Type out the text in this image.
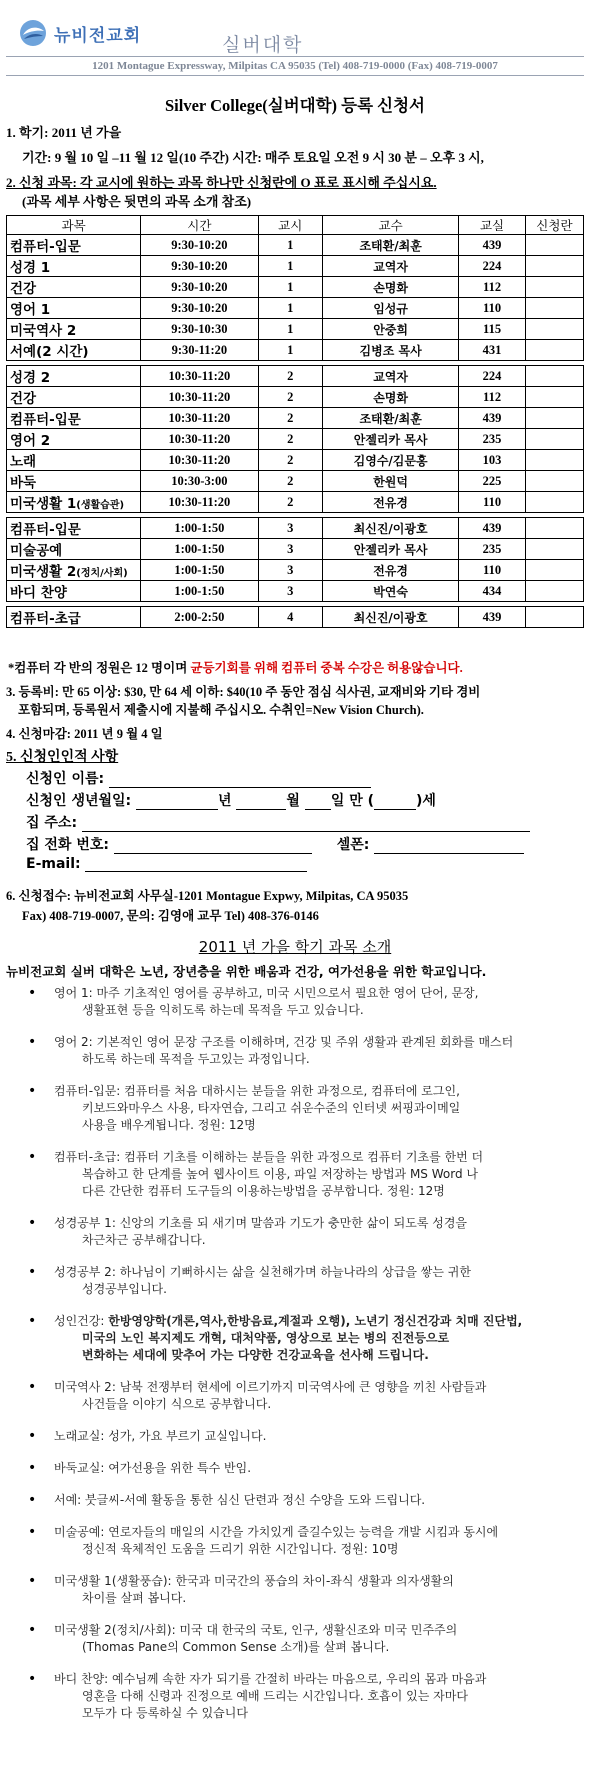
뉴비전교회	실버대학
1201 Montague Expressway, Milpitas CA 95035 (Tel) 408-719-0000 (Fax) 408-719-0007
Silver College(실버대학) 등록 신청서
1. 학기: 2011 년 가을
기간: 9 월 10 일 –11 월 12 일(10 주간) 시간: 매주 토요일 오전 9 시 30 분 – 오후 3 시,
2. 신청 과목: 각 교시에 원하는 과목 하나만 신청란에 O 표로 표시해 주십시요.
(과목 세부 사항은 뒷면의 과목 소개 참조)
과목	시간	교시	교수	교실	신청란
컴퓨터-입문	9:30-10:20	1	조태환/최훈	439	
성경 1	9:30-10:20	1	교역자	224	
건강	9:30-10:20	1	손명화	112	
영어 1	9:30-10:20	1	임성규	110	
미국역사 2	9:30-10:30	1	안중희	115	
서예(2 시간)	9:30-11:20	1	김병조 목사	431	

성경 2	10:30-11:20	2	교역자	224	
건강	10:30-11:20	2	손명화	112	
컴퓨터-입문	10:30-11:20	2	조태환/최훈	439	
영어 2	10:30-11:20	2	안젤리카 목사	235	
노래	10:30-11:20	2	김영수/김문홍	103	
바둑	10:30-3:00	2	한원덕	225	
미국생활 1(생활습관)	10:30-11:20	2	전유경	110	

컴퓨터-입문	1:00-1:50	3	최신진/이광호	439	
미술공예	1:00-1:50	3	안젤리카 목사	235	
미국생활 2(정치/사회)	1:00-1:50	3	전유경	110	
바디 찬양	1:00-1:50	3	박연숙	434	

컴퓨터-초급	2:00-2:50	4	최신진/이광호	439	
*컴퓨터 각 반의 정원은 12 명이며 균등기회를 위해 컴퓨터 중복 수강은 허용않습니다.
3. 등록비: 만 65 이상: $30, 만 64 세 이하: $40(10 주 동안 점심 식사권, 교재비와 기타 경비
포함되며, 등록원서 제출시에 지불해 주십시오. 수취인=New Vision Church).
4. 신청마감: 2011 년 9 월 4 일
5. 신청인인적 사항
신청인 이름:
신청인 생년월일:	년	월 일 만 (	)세
집 주소:
집 전화 번호:	셀폰:
E-mail:
6. 신청접수: 뉴비전교회 사무실-1201 Montague Expwy, Milpitas, CA 95035
Fax) 408-719-0007, 문의: 김영애 교무 Tel) 408-376-0146
2011 년 가을 학기 과목 소개
뉴비전교회 실버 대학은 노년, 장년층을 위한 배움과 건강, 여가선용을 위한 학교입니다.
• 영어 1: 마주 기초적인 영어를 공부하고, 미국 시민으로서 필요한 영어 단어, 문장,
생활표현 등을 익히도록 하는데 목적을 두고 있습니다.
• 영어 2: 기본적인 영어 문장 구조를 이해하며, 건강 및 주위 생활과 관계된 회화를 매스터
하도록 하는데 목적을 두고있는 과정입니다.
• 컴퓨터-입문: 컴퓨터를 처음 대하시는 분들을 위한 과정으로, 컴퓨터에 로그인,
키보드와마우스 사용, 타자연습, 그리고 쉬운수준의 인터넷 써핑과이메일
사용을 배우게됩니다. 정원: 12명
• 컴퓨터-초급: 컴퓨터 기초를 이해하는 분들을 위한 과정으로 컴퓨터 기초를 한번 더
복습하고 한 단계를 높여 웹사이트 이용, 파일 저장하는 방법과 MS Word 나
다른 간단한 컴퓨터 도구들의 이용하는방법을 공부합니다. 정원: 12명
• 성경공부 1: 신앙의 기초를 되 새기며 말씀과 기도가 충만한 삶이 되도록 성경을
차근차근 공부해갑니다.
• 성경공부 2: 하나님이 기뻐하시는 삶을 실천해가며 하늘나라의 상급을 쌓는 귀한
성경공부입니다.
• 성인건강: 한방영양학(개론,역사,한방음료,계절과 오행), 노년기 정신건강과 치매 진단법,
미국의 노인 복지제도 개혁, 대처약품, 영상으로 보는 병의 진전등으로
변화하는 세대에 맞추어 가는 다양한 건강교육을 선사해 드립니다.
• 미국역사 2: 남북 전쟁부터 현세에 이르기까지 미국역사에 큰 영향을 끼친 사람들과
사건들을 이야기 식으로 공부합니다.
• 노래교실: 성가, 가요 부르기 교실입니다.
• 바둑교실: 여가선용을 위한 특수 반임.
• 서예: 붓글씨-서예 활동을 통한 심신 단련과 정신 수양을 도와 드립니다.
• 미술공예: 연로자들의 매일의 시간을 가치있게 즐길수있는 능력을 개발 시킴과 동시에
정신적 육체적인 도움을 드리기 위한 시간입니다. 정원: 10명
• 미국생활 1(생활풍습): 한국과 미국간의 풍습의 차이-좌식 생활과 의자생활의
차이를 살펴 봅니다.
• 미국생활 2(정치/사회): 미국 대 한국의 국토, 인구, 생활신조와 미국 민주주의
(Thomas Pane의 Common Sense 소개)를 살펴 봅니다.
• 바디 찬양: 예수님께 속한 자가 되기를 간절히 바라는 마음으로, 우리의 몸과 마음과
영혼을 다해 신령과 진정으로 예배 드리는 시간입니다. 호흡이 있는 자마다
모두가 다 등록하실 수 있습니다
